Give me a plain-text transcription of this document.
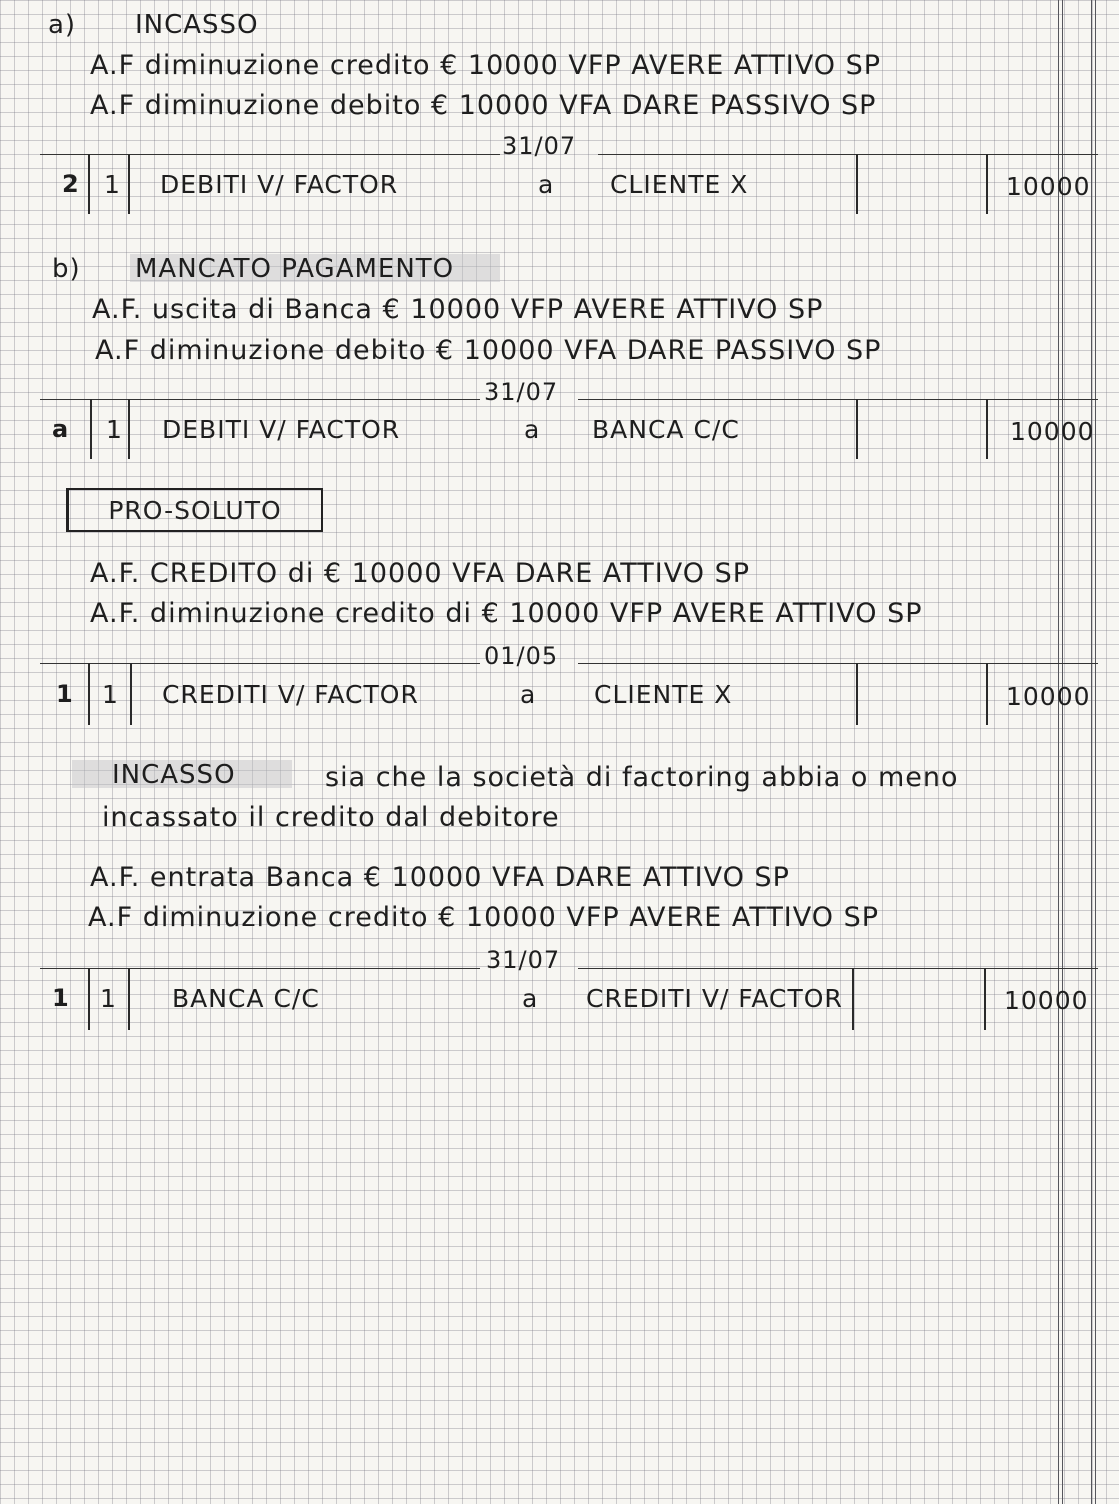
a) INCASSO
A.F diminuzione credito € 10000 VFP AVERE ATTIVO SP
A.F diminuzione debito € 10000 VFA DARE PASSIVO SP
31/07
2 1 DEBITI V/ FACTOR	a CLIENTE X	10000
b) MANCATO PAGAMENTO
A.F. uscita di Banca € 10000 VFP AVERE ATTIVO SP
A.F diminuzione debito € 10000 VFA DARE PASSIVO SP
31/07
a 1 DEBITI V/ FACTOR	a BANCA C/C	10000
PRO-SOLUTO
A.F. CREDITO di € 10000 VFA DARE ATTIVO SP
A.F. diminuzione credito di € 10000 VFP AVERE ATTIVO SP
01/05
1 1 CREDITI V/ FACTOR	a CLIENTE X	10000
INCASSO	sia che la società di factoring abbia o meno
incassato il credito dal debitore
A.F. entrata Banca € 10000 VFA DARE ATTIVO SP
A.F diminuzione credito € 10000 VFP AVERE ATTIVO SP
31/07
1 1 BANCA C/C	a CREDITI V/ FACTOR	10000
